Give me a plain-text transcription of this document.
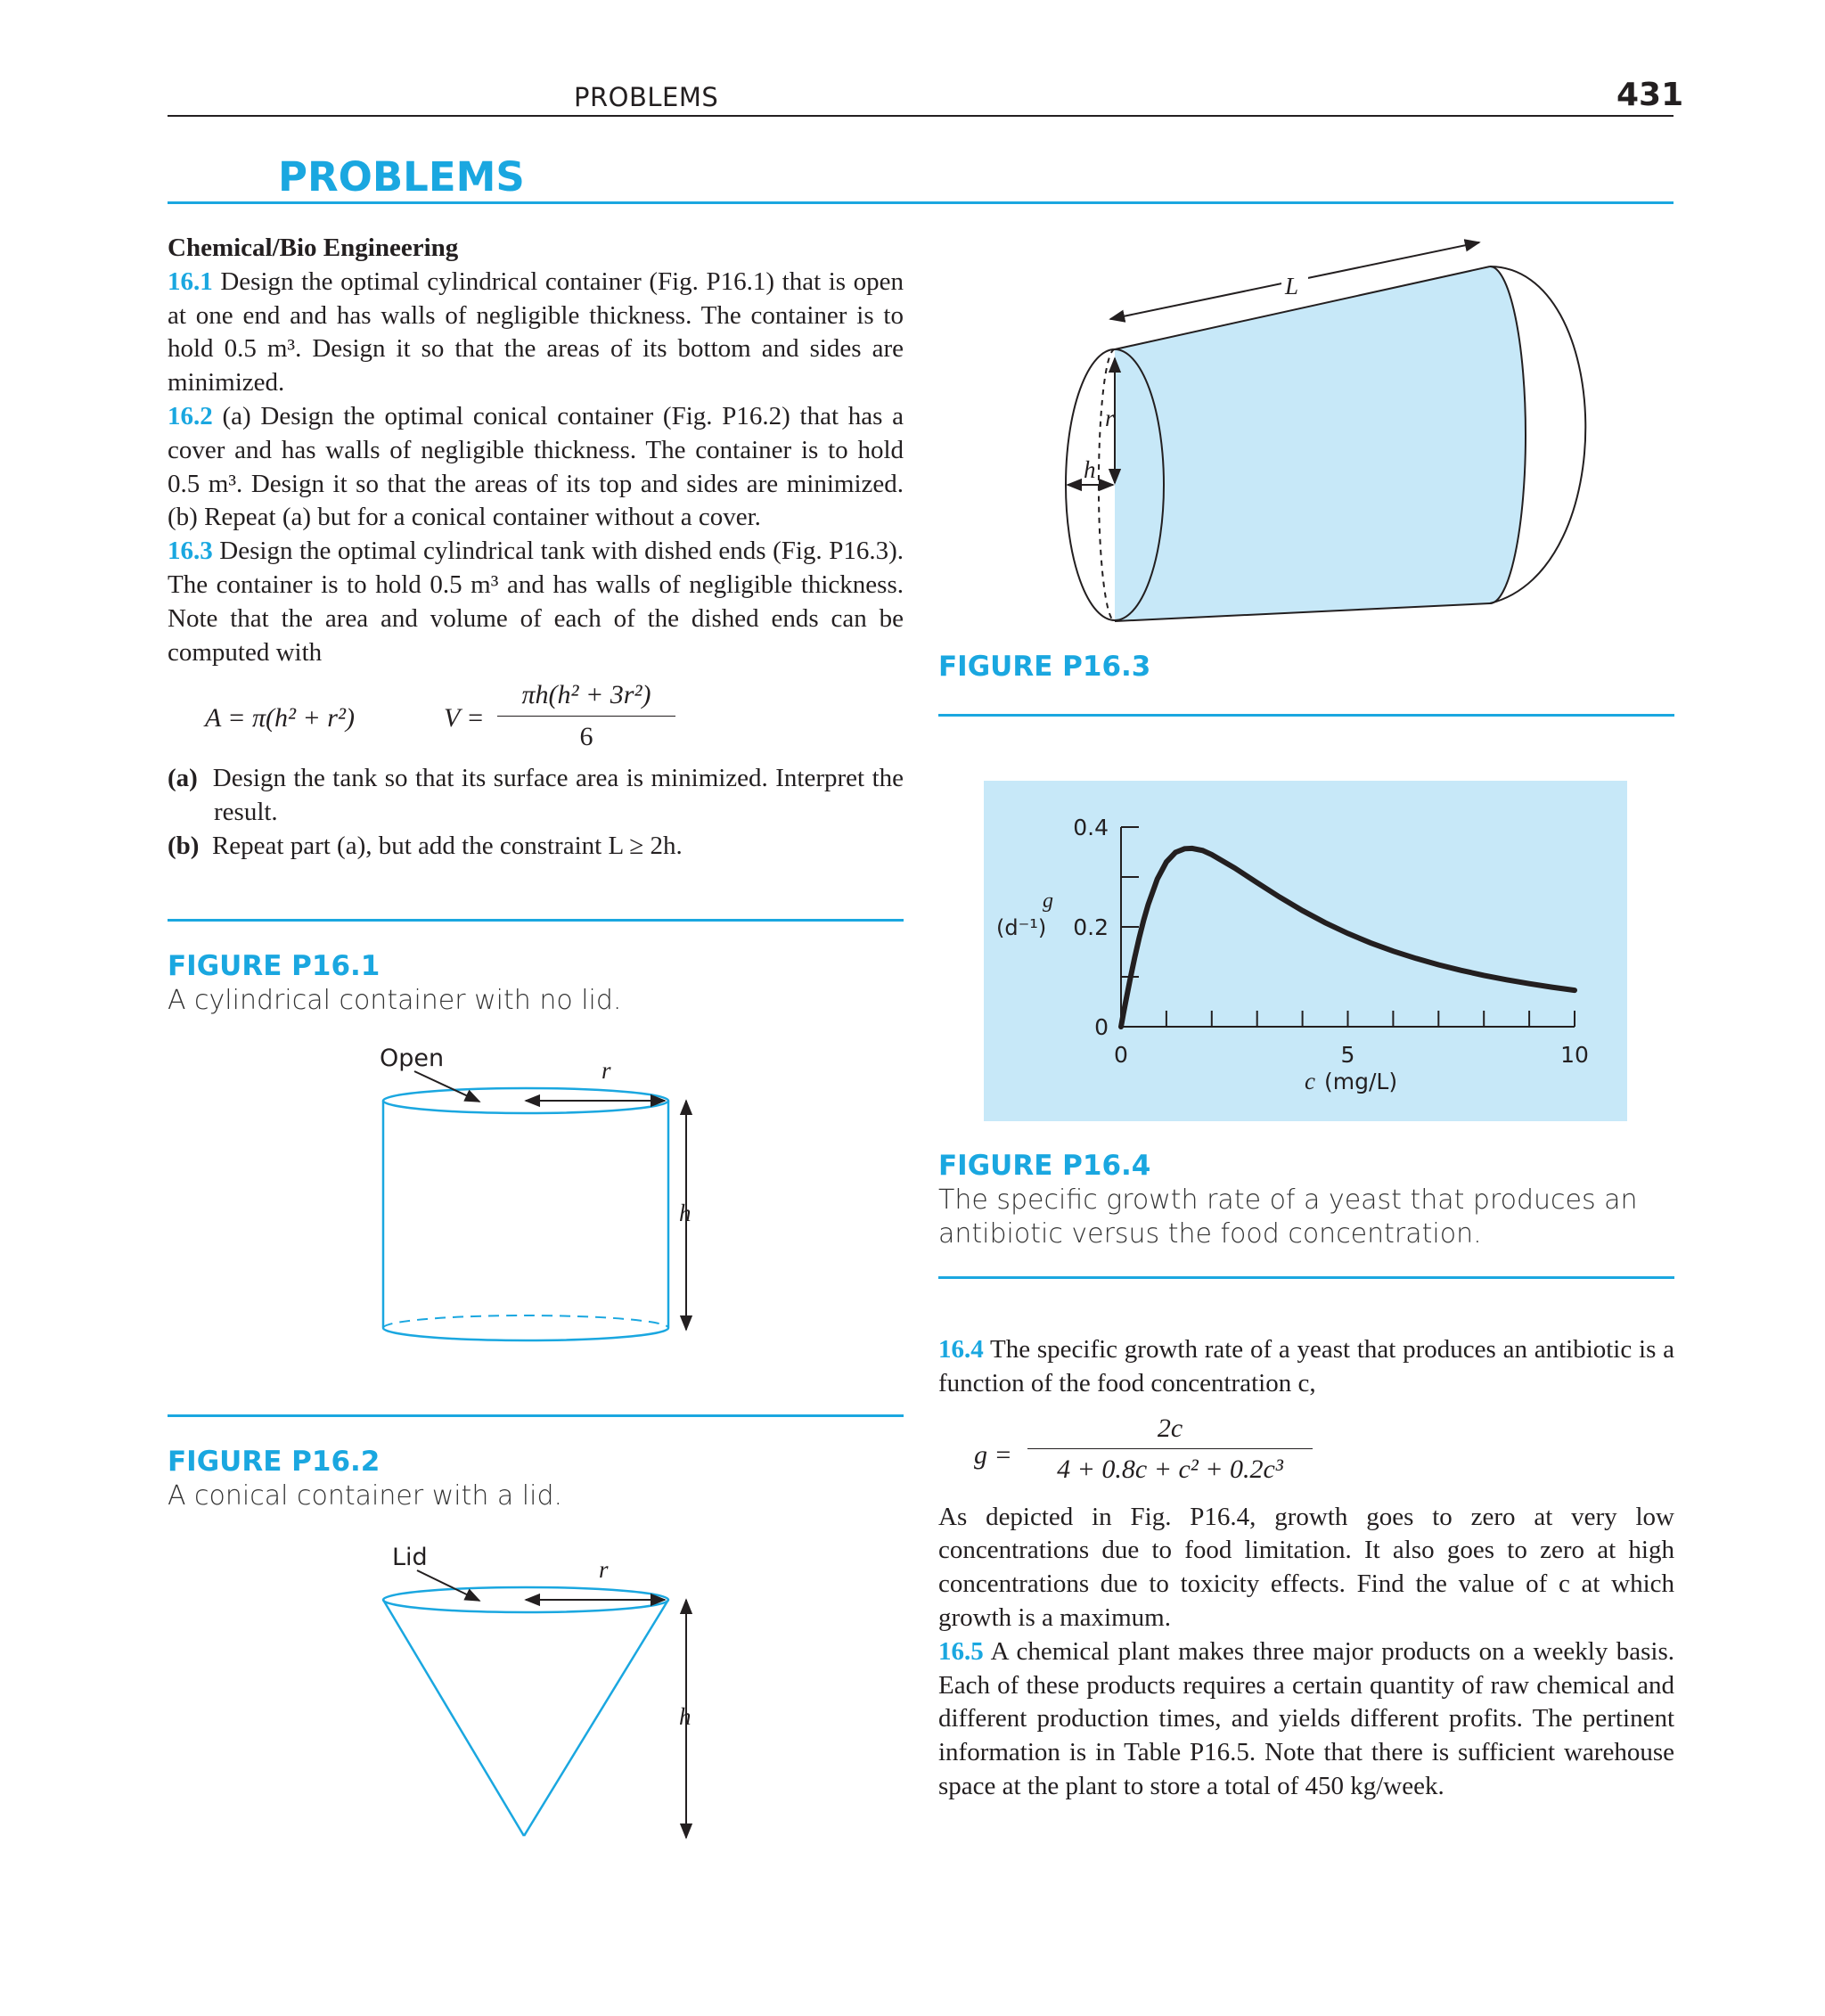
PROBLEMS	431
PROBLEMS

Chemical/Bio Engineering

16.1 Design the optimal cylindrical container (Fig. P16.1) that is open at one end and has walls of negligible thickness. The container is to hold 0.5 m³. Design it so that the areas of its bottom and sides are minimized.

16.2 (a) Design the optimal conical container (Fig. P16.2) that has a cover and has walls of negligible thickness. The container is to hold 0.5 m³. Design it so that the areas of its top and sides are minimized. (b) Repeat (a) but for a conical container without a cover.

16.3 Design the optimal cylindrical tank with dished ends (Fig. P16.3). The container is to hold 0.5 m³ and has walls of negligible thickness. Note that the area and volume of each of the dished ends can be computed with

A = π(h² + r²)	$V = \frac{\text{πh(h² + 3r²)}}{6}$

(a) Design the tank so that its surface area is minimized. Interpret the result.

(b) Repeat part (a), but add the constraint L ≥ 2h.

FIGURE P16.1
A cylindrical container with no lid.
Open	r
h
FIGURE P16.2
A conical container with a lid.
Lid	r
h
L
r
h
FIGURE P16.3
0	5	10
0
0.2
0.4
g
(d⁻¹)
c (mg/L)
FIGURE P16.4
The specific growth rate of a yeast that produces an antibiotic versus the food concentration.

16.4 The specific growth rate of a yeast that produces an antibiotic is a function of the food concentration c,

$g = \frac{2c}{\text{4 + 0.8c + c² + 0.2c³}}$

As depicted in Fig. P16.4, growth goes to zero at very low concentrations due to food limitation. It also goes to zero at high concentrations due to toxicity effects. Find the value of c at which growth is a maximum.

16.5 A chemical plant makes three major products on a weekly basis. Each of these products requires a certain quantity of raw chemical and different production times, and yields different profits. The pertinent information is in Table P16.5. Note that there is sufficient warehouse space at the plant to store a total of 450 kg/week.
